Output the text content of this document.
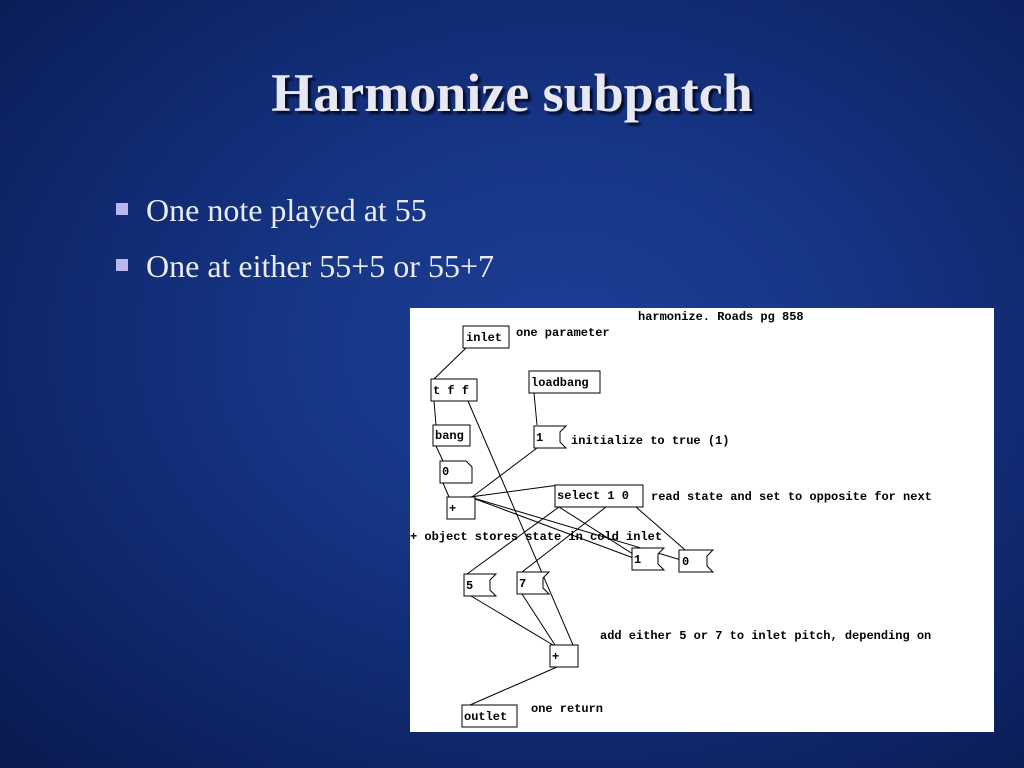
Harmonize subpatch
One note played at 55
One at either 55+5 or 55+7
harmonize. Roads pg 858
inlet one parameter
t f f
loadbang
bang	1 initialize to true (1)
0
select 1 0 read state and set to opposite for next
+
+ object stores state in cold inlet
1	0
5	7
add either 5 or 7 to inlet pitch, depending on
+
outlet
one return
